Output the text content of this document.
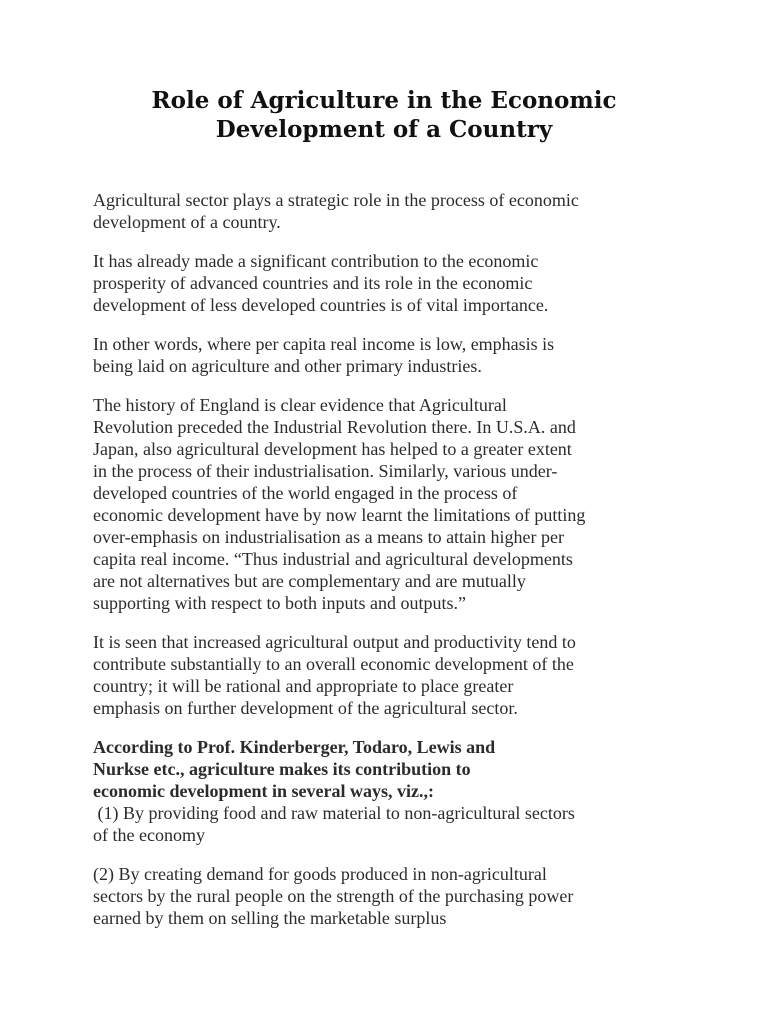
Role of Agriculture in the Economic
Development of a Country

Agricultural sector plays a strategic role in the process of economic
development of a country.

It has already made a significant contribution to the economic
prosperity of advanced countries and its role in the economic
development of less developed countries is of vital importance.

In other words, where per capita real income is low, emphasis is
being laid on agriculture and other primary industries.

The history of England is clear evidence that Agricultural
Revolution preceded the Industrial Revolution there. In U.S.A. and
Japan, also agricultural development has helped to a greater extent
in the process of their industrialisation. Similarly, various under-
developed countries of the world engaged in the process of
economic development have by now learnt the limitations of putting
over-emphasis on industrialisation as a means to attain higher per
capita real income. “Thus industrial and agricultural developments
are not alternatives but are complementary and are mutually
supporting with respect to both inputs and outputs.”

It is seen that increased agricultural output and productivity tend to
contribute substantially to an overall economic development of the
country; it will be rational and appropriate to place greater
emphasis on further development of the agricultural sector.

According to Prof. Kinderberger, Todaro, Lewis and
Nurkse etc., agriculture makes its contribution to
economic development in several ways, viz.,:

(1) By providing food and raw material to non-agricultural sectors
of the economy

(2) By creating demand for goods produced in non-agricultural
sectors by the rural people on the strength of the purchasing power
earned by them on selling the marketable surplus
